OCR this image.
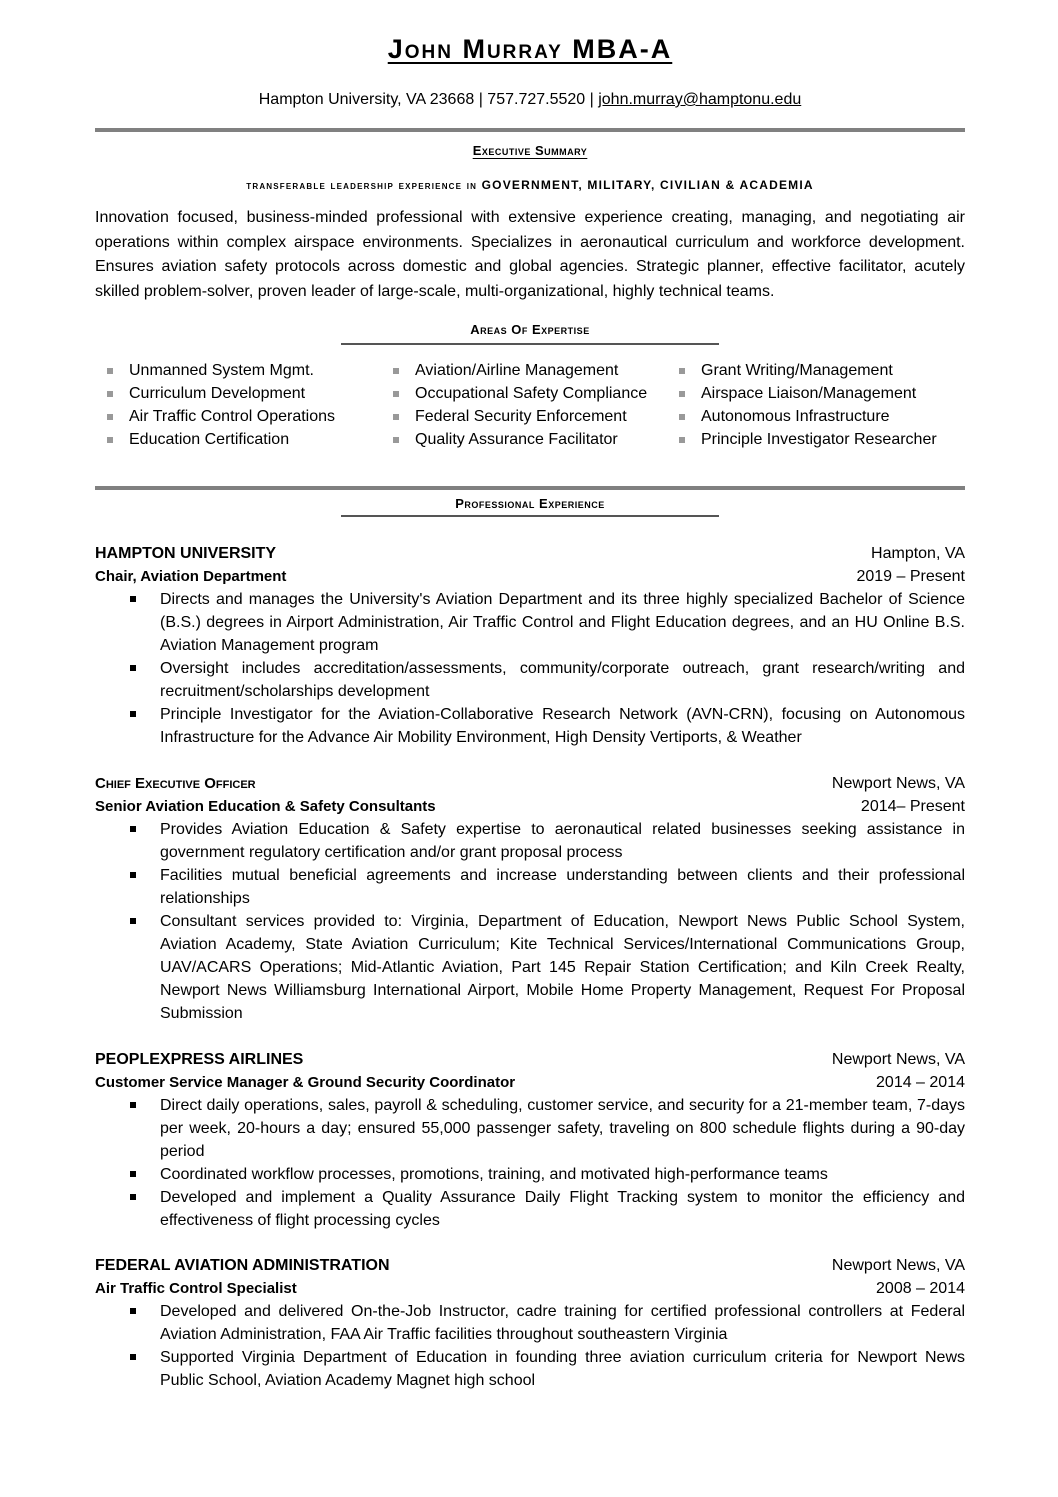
John Murray MBA-A
Hampton University, VA 23668 | 757.727.5520 | john.murray@hamptonu.edu
Executive Summary
transferable leadership experience in GOVERNMENT, MILITARY, CIVILIAN & ACADEMIA
Innovation focused, business-minded professional with extensive experience creating, managing, and negotiating air operations within complex airspace environments. Specializes in aeronautical curriculum and workforce development. Ensures aviation safety protocols across domestic and global agencies. Strategic planner, effective facilitator, acutely skilled problem-solver, proven leader of large-scale, multi-organizational, highly technical teams.
Areas Of Expertise
Unmanned System Mgmt.
Curriculum Development
Air Traffic Control Operations
Education Certification
Aviation/Airline Management
Occupational Safety Compliance
Federal Security Enforcement
Quality Assurance Facilitator
Grant Writing/Management
Airspace Liaison/Management
Autonomous Infrastructure
Principle Investigator Researcher
Professional Experience
HAMPTON UNIVERSITY	Hampton, VA
Chair, Aviation Department	2019 – Present
Directs and manages the University's Aviation Department and its three highly specialized Bachelor of Science (B.S.) degrees in Airport Administration, Air Traffic Control and Flight Education degrees, and an HU Online B.S. Aviation Management program
Oversight includes accreditation/assessments, community/corporate outreach, grant research/writing and recruitment/scholarships development
Principle Investigator for the Aviation-Collaborative Research Network (AVN-CRN), focusing on Autonomous Infrastructure for the Advance Air Mobility Environment, High Density Vertiports, & Weather
Chief Executive Officer	Newport News, VA
Senior Aviation Education & Safety Consultants	2014– Present
Provides Aviation Education & Safety expertise to aeronautical related businesses seeking assistance in government regulatory certification and/or grant proposal process
Facilities mutual beneficial agreements and increase understanding between clients and their professional relationships
Consultant services provided to: Virginia, Department of Education, Newport News Public School System, Aviation Academy, State Aviation Curriculum; Kite Technical Services/International Communications Group, UAV/ACARS Operations; Mid-Atlantic Aviation, Part 145 Repair Station Certification; and Kiln Creek Realty, Newport News Williamsburg International Airport, Mobile Home Property Management, Request For Proposal Submission
PEOPLEXPRESS AIRLINES	Newport News, VA
Customer Service Manager & Ground Security Coordinator	2014 – 2014
Direct daily operations, sales, payroll & scheduling, customer service, and security for a 21-member team, 7-days per week, 20-hours a day; ensured 55,000 passenger safety, traveling on 800 schedule flights during a 90-day period
Coordinated workflow processes, promotions, training, and motivated high-performance teams
Developed and implement a Quality Assurance Daily Flight Tracking system to monitor the efficiency and effectiveness of flight processing cycles
FEDERAL AVIATION ADMINISTRATION	Newport News, VA
Air Traffic Control Specialist	2008 – 2014
Developed and delivered On-the-Job Instructor, cadre training for certified professional controllers at Federal Aviation Administration, FAA Air Traffic facilities throughout southeastern Virginia
Supported Virginia Department of Education in founding three aviation curriculum criteria for Newport News Public School, Aviation Academy Magnet high school
